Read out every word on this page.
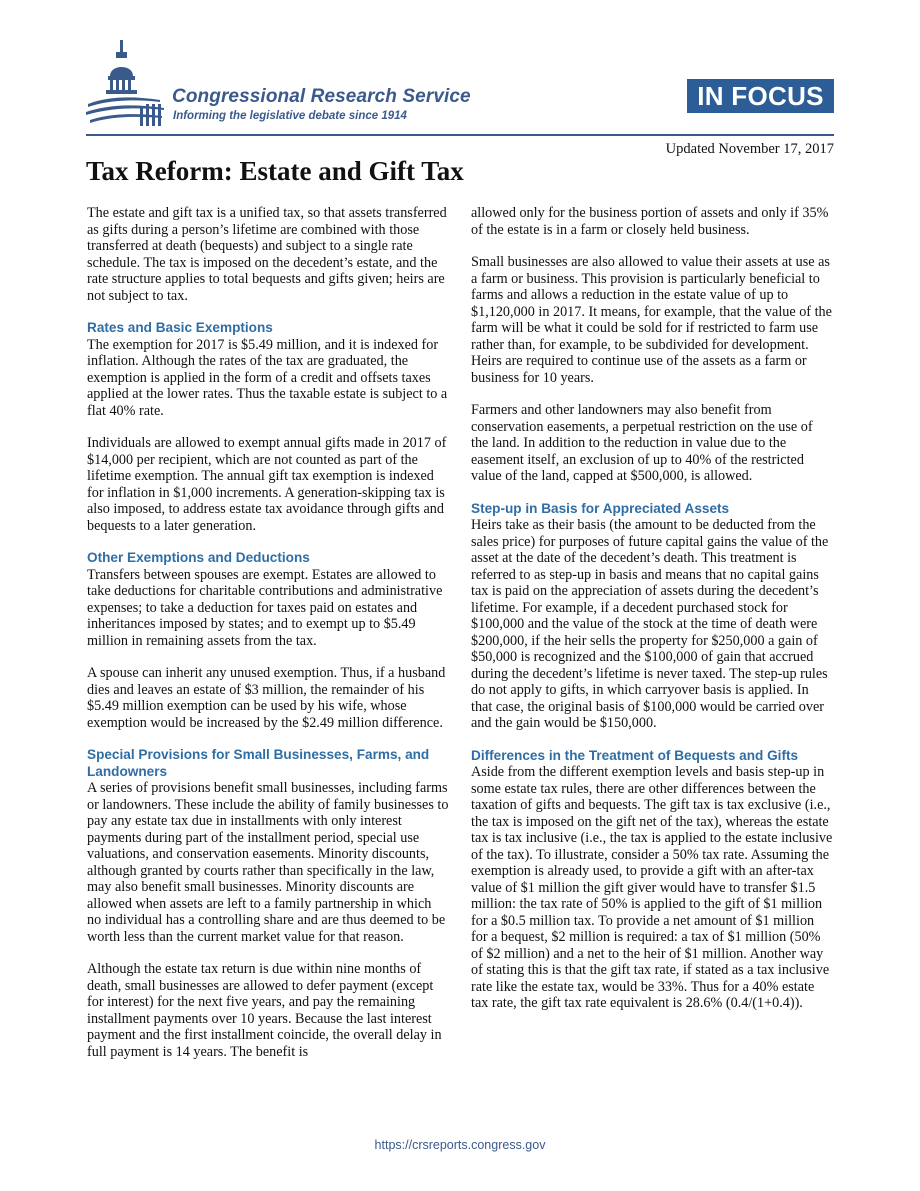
Congressional Research Service
Informing the legislative debate since 1914
IN FOCUS
Updated November 17, 2017
Tax Reform: Estate and Gift Tax

The estate and gift tax is a unified tax, so that assets transferred as gifts during a person’s lifetime are combined with those transferred at death (bequests) and subject to a single rate schedule. The tax is imposed on the decedent’s estate, and the rate structure applies to total bequests and gifts given; heirs are not subject to tax.

Rates and Basic Exemptions

The exemption for 2017 is $5.49 million, and it is indexed for inflation. Although the rates of the tax are graduated, the exemption is applied in the form of a credit and offsets taxes applied at the lower rates. Thus the taxable estate is subject to a flat 40% rate.

Individuals are allowed to exempt annual gifts made in 2017 of $14,000 per recipient, which are not counted as part of the lifetime exemption. The annual gift tax exemption is indexed for inflation in $1,000 increments. A generation-skipping tax is also imposed, to address estate tax avoidance through gifts and bequests to a later generation.

Other Exemptions and Deductions

Transfers between spouses are exempt. Estates are allowed to take deductions for charitable contributions and administrative expenses; to take a deduction for taxes paid on estates and inheritances imposed by states; and to exempt up to $5.49 million in remaining assets from the tax.

A spouse can inherit any unused exemption. Thus, if a husband dies and leaves an estate of $3 million, the remainder of his $5.49 million exemption can be used by his wife, whose exemption would be increased by the $2.49 million difference.

Special Provisions for Small Businesses, Farms, and Landowners

A series of provisions benefit small businesses, including farms or landowners. These include the ability of family businesses to pay any estate tax due in installments with only interest payments during part of the installment period, special use valuations, and conservation easements. Minority discounts, although granted by courts rather than specifically in the law, may also benefit small businesses. Minority discounts are allowed when assets are left to a family partnership in which no individual has a controlling share and are thus deemed to be worth less than the current market value for that reason.

Although the estate tax return is due within nine months of death, small businesses are allowed to defer payment (except for interest) for the next five years, and pay the remaining installment payments over 10 years. Because the last interest payment and the first installment coincide, the overall delay in full payment is 14 years. The benefit is

allowed only for the business portion of assets and only if 35% of the estate is in a farm or closely held business.

Small businesses are also allowed to value their assets at use as a farm or business. This provision is particularly beneficial to farms and allows a reduction in the estate value of up to $1,120,000 in 2017. It means, for example, that the value of the farm will be what it could be sold for if restricted to farm use rather than, for example, to be subdivided for development. Heirs are required to continue use of the assets as a farm or business for 10 years.

Farmers and other landowners may also benefit from conservation easements, a perpetual restriction on the use of the land. In addition to the reduction in value due to the easement itself, an exclusion of up to 40% of the restricted value of the land, capped at $500,000, is allowed.

Step-up in Basis for Appreciated Assets

Heirs take as their basis (the amount to be deducted from the sales price) for purposes of future capital gains the value of the asset at the date of the decedent’s death. This treatment is referred to as step-up in basis and means that no capital gains tax is paid on the appreciation of assets during the decedent’s lifetime. For example, if a decedent purchased stock for $100,000 and the value of the stock at the time of death were $200,000, if the heir sells the property for $250,000 a gain of $50,000 is recognized and the $100,000 of gain that accrued during the decedent’s lifetime is never taxed. The step-up rules do not apply to gifts, in which carryover basis is applied. In that case, the original basis of $100,000 would be carried over and the gain would be $150,000.

Differences in the Treatment of Bequests and Gifts

Aside from the different exemption levels and basis step-up in some estate tax rules, there are other differences between the taxation of gifts and bequests. The gift tax is tax exclusive (i.e., the tax is imposed on the gift net of the tax), whereas the estate tax is tax inclusive (i.e., the tax is applied to the estate inclusive of the tax). To illustrate, consider a 50% tax rate. Assuming the exemption is already used, to provide a gift with an after-tax value of $1 million the gift giver would have to transfer $1.5 million: the tax rate of 50% is applied to the gift of $1 million for a $0.5 million tax. To provide a net amount of $1 million for a bequest, $2 million is required: a tax of $1 million (50% of $2 million) and a net to the heir of $1 million. Another way of stating this is that the gift tax rate, if stated as a tax inclusive rate like the estate tax, would be 33%. Thus for a 40% estate tax rate, the gift tax rate equivalent is 28.6% (0.4/(1+0.4)).

https://crsreports.congress.gov
